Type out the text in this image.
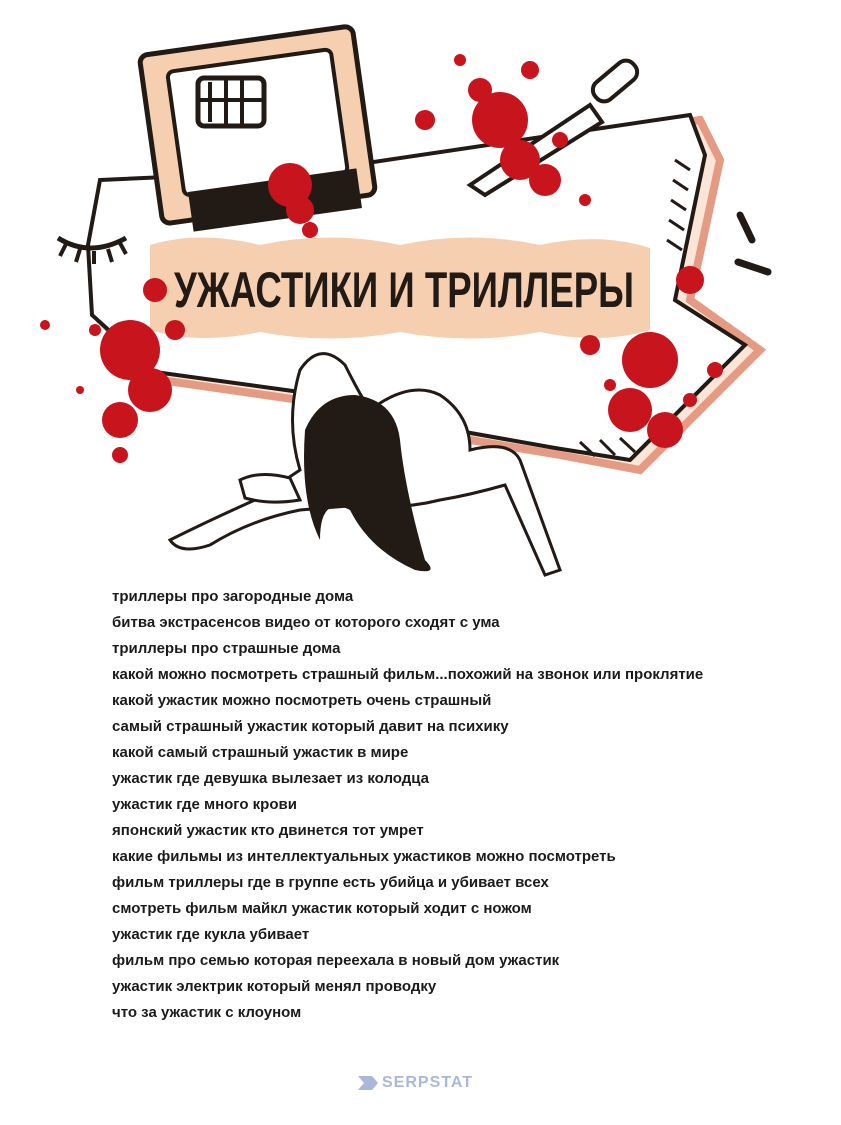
УЖАСТИКИ И ТРИЛЛЕРЫ
триллеры про загородные дома
битва экстрасенсов видео от которого сходят с ума
триллеры про страшные дома
какой можно посмотреть страшный фильм...похожий на звонок или проклятие
какой ужастик можно посмотреть очень страшный
самый страшный ужастик который давит на психику
какой самый страшный ужастик в мире
ужастик где девушка вылезает из колодца
ужастик где много крови
японский ужастик кто двинется тот умрет
какие фильмы из интеллектуальных ужастиков можно посмотреть
фильм триллеры где в группе есть убийца и убивает всех
смотреть фильм майкл ужастик который ходит с ножом
ужастик где кукла убивает
фильм про семью которая переехала в новый дом ужастик
ужастик электрик который менял проводку
что за ужастик с клоуном
SERPSTAT
